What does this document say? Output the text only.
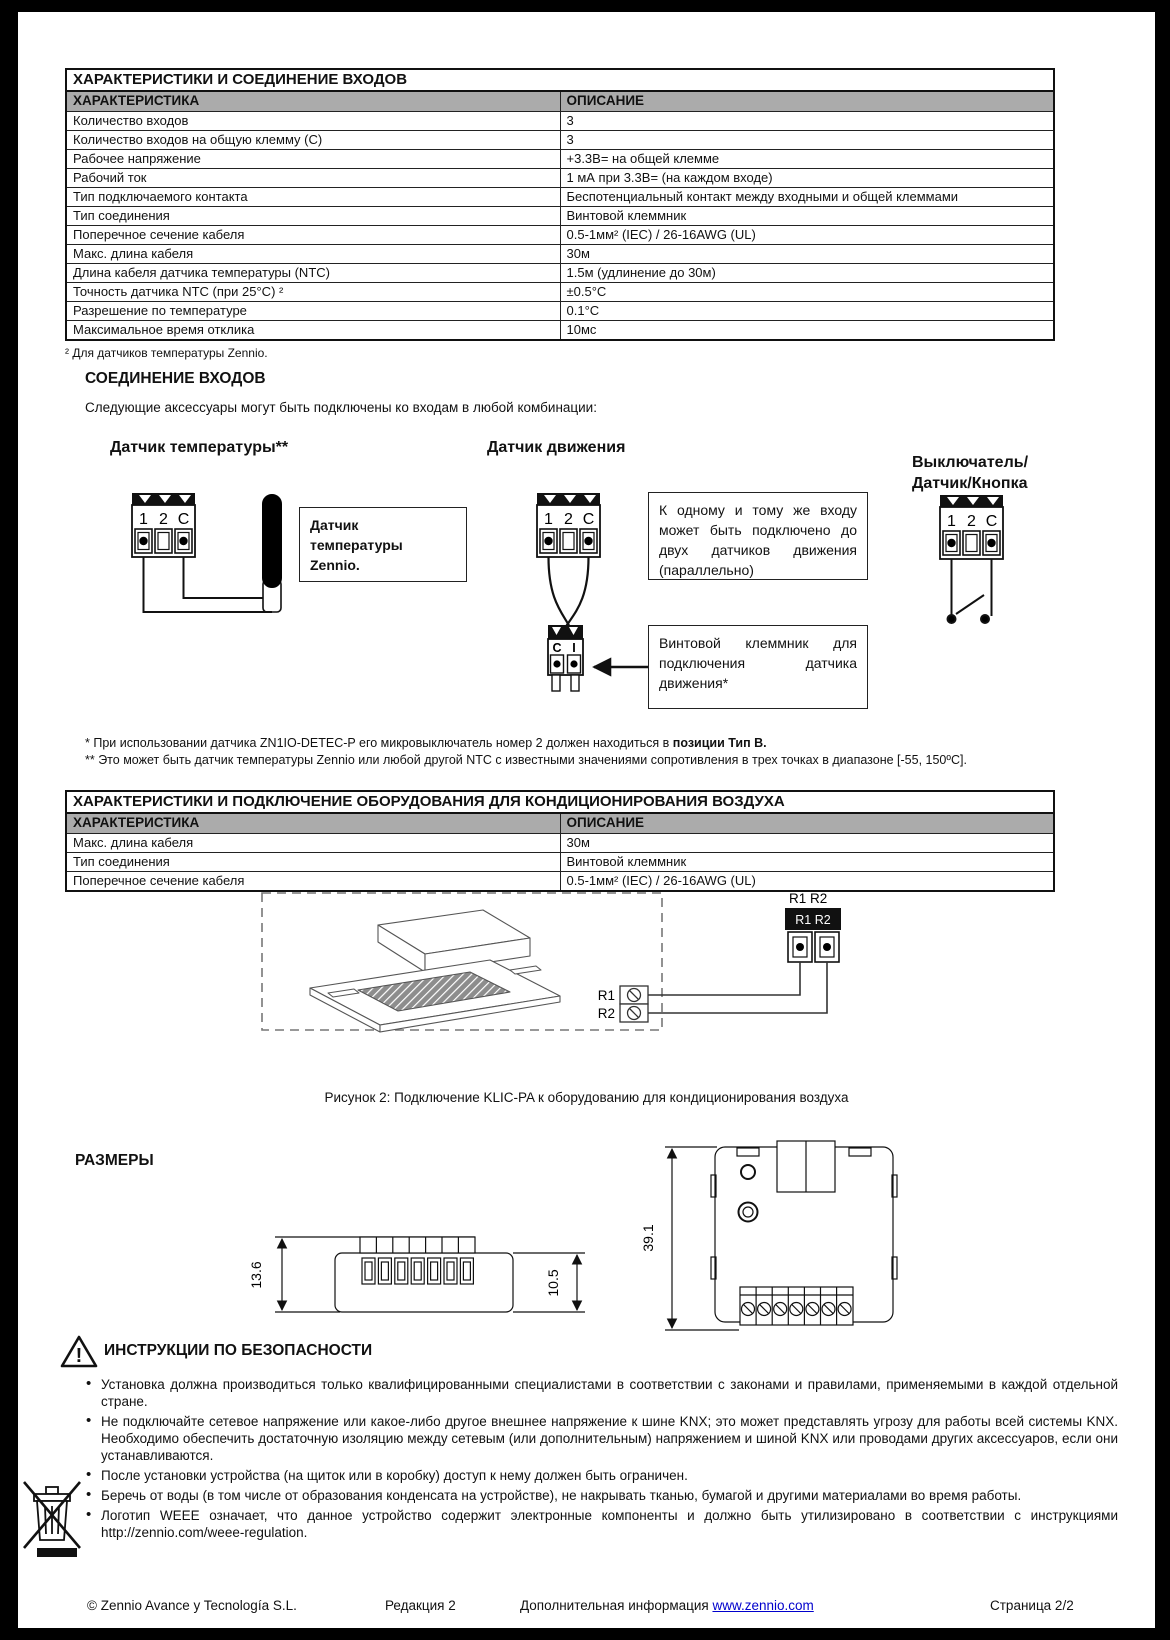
ХАРАКТЕРИСТИКИ И СОЕДИНЕНИЕ ВХОДОВ	
ХАРАКТЕРИСТИКА	ОПИСАНИЕ
Количество входов	3
Количество входов на общую клемму (С)	3
Рабочее напряжение	+3.3В= на общей клемме
Рабочий ток	1 мА при 3.3В= (на каждом входе)
Тип подключаемого контакта	Беспотенциальный контакт между входными и общей клеммами
Тип соединения	Винтовой клеммник
Поперечное сечение кабеля	0.5-1мм² (IEC) / 26-16AWG (UL)
Макс. длина кабеля	30м
Длина кабеля датчика температуры (NTC)	1.5м (удлинение до 30м)
Точность датчика NTC (при 25°C) ²	±0.5°C
Разрешение по температуре	0.1°C
Максимальное время отклика	10мс
² Для датчиков температуры Zennio.
СОЕДИНЕНИЕ ВХОДОВ
Следующие аксессуары могут быть подключены ко входам в любой комбинации:
Датчик температуры**	Датчик движения
Выключатель/
Датчик/Кнопка
1 2 C	1 2 C
C I
1 2 C
Датчик температуры Zennio.
К одному и тому же входу может быть подключено до двух датчиков движения (параллельно)
Винтовой клеммник для подключения датчика движения*
* При использовании датчика ZN1IO-DETEC-P его микровыключатель номер 2 должен находиться в позиции Тип B.
** Это может быть датчик температуры Zennio или любой другой NTC с известными значениями сопротивления в трех точках в диапазоне [-55, 150ºC].
ХАРАКТЕРИСТИКИ И ПОДКЛЮЧЕНИЕ ОБОРУДОВАНИЯ ДЛЯ КОНДИЦИОНИРОВАНИЯ ВОЗДУХА	
ХАРАКТЕРИСТИКА	ОПИСАНИЕ
Макс. длина кабеля	30м
Тип соединения	Винтовой клеммник
Поперечное сечение кабеля	0.5-1мм² (IEC) / 26-16AWG (UL)
R1
R2
R1 R2
R1 R2
Рисунок 2: Подключение KLIC-PA к оборудованию для кондиционирования воздуха
РАЗМЕРЫ
13.6	10.5
39.1
! ИНСТРУКЦИИ ПО БЕЗОПАСНОСТИ
• Установка должна производиться только квалифицированными специалистами в соответствии с законами и правилами, применяемыми в каждой отдельной стране.
• Не подключайте сетевое напряжение или какое-либо другое внешнее напряжение к шине KNX; это может представлять угрозу для работы всей системы KNX. Необходимо обеспечить достаточную изоляцию между сетевым (или дополнительным) напряжением и шиной KNX или проводами других аксессуаров, если они устанавливаются.
• После установки устройства (на щиток или в коробку) доступ к нему должен быть ограничен.
• Беречь от воды (в том числе от образования конденсата на устройстве), не накрывать тканью, бумагой и другими материалами во время работы.
• Логотип WEEE означает, что данное устройство содержит электронные компоненты и должно быть утилизировано в соответствии с инструкциями http://zennio.com/weee-regulation.
© Zennio Avance y Tecnología S.L.	Редакция 2	Дополнительная информация www.zennio.com	Страница 2/2
